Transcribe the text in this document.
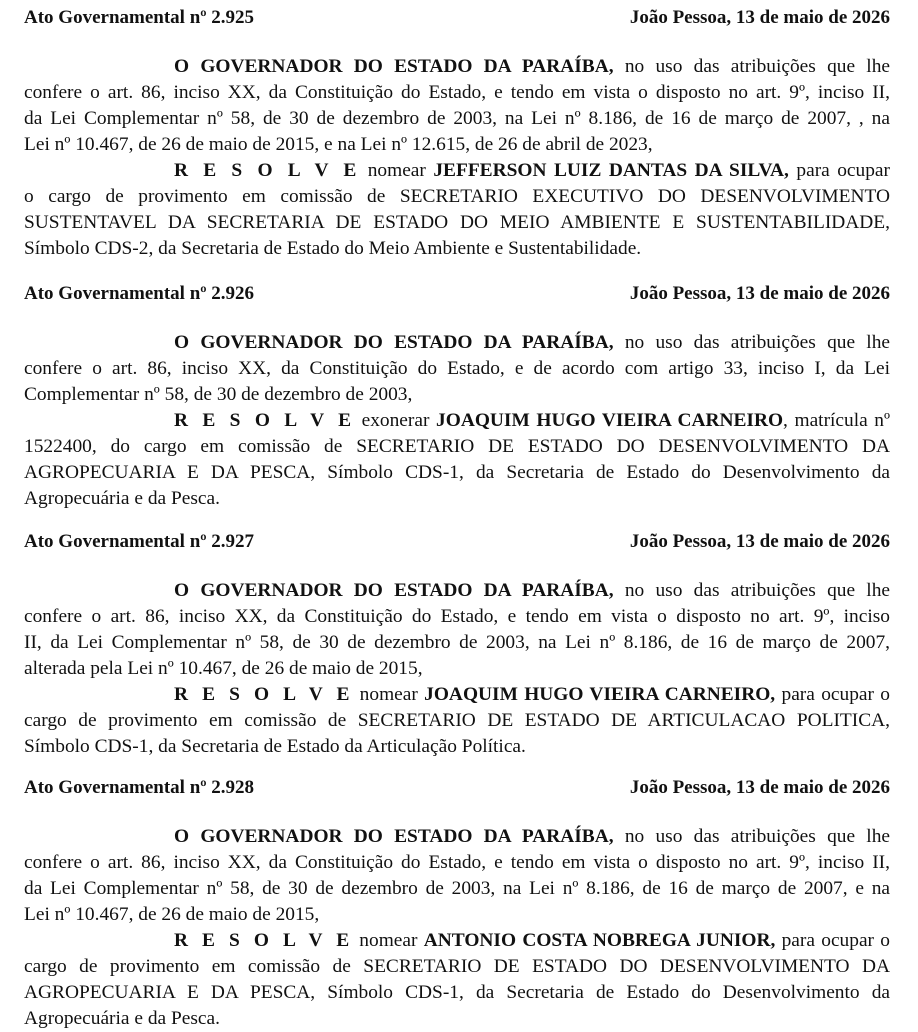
Ato Governamental nº 2.925	João Pessoa, 13 de maio de 2026
O GOVERNADOR DO ESTADO DA PARAÍBA, no uso das atribuições que lhe
confere o art. 86, inciso XX, da Constituição do Estado, e tendo em vista o disposto no art. 9º, inciso II,
da Lei Complementar nº 58, de 30 de dezembro de 2003, na Lei nº 8.186, de 16 de março de 2007, , na
Lei nº 10.467, de 26 de maio de 2015, e na Lei nº 12.615, de 26 de abril de 2023,
R E S O L V E nomear JEFFERSON LUIZ DANTAS DA SILVA, para ocupar
o cargo de provimento em comissão de SECRETARIO EXECUTIVO DO DESENVOLVIMENTO
SUSTENTAVEL DA SECRETARIA DE ESTADO DO MEIO AMBIENTE E SUSTENTABILIDADE,
Símbolo CDS-2, da Secretaria de Estado do Meio Ambiente e Sustentabilidade.
Ato Governamental nº 2.926	João Pessoa, 13 de maio de 2026
O GOVERNADOR DO ESTADO DA PARAÍBA, no uso das atribuições que lhe
confere o art. 86, inciso XX, da Constituição do Estado, e de acordo com artigo 33, inciso I, da Lei
Complementar nº 58, de 30 de dezembro de 2003,
R E S O L V E exonerar JOAQUIM HUGO VIEIRA CARNEIRO, matrícula nº
1522400, do cargo em comissão de SECRETARIO DE ESTADO DO DESENVOLVIMENTO DA
AGROPECUARIA E DA PESCA, Símbolo CDS-1, da Secretaria de Estado do Desenvolvimento da
Agropecuária e da Pesca.
Ato Governamental nº 2.927	João Pessoa, 13 de maio de 2026
O GOVERNADOR DO ESTADO DA PARAÍBA, no uso das atribuições que lhe
confere o art. 86, inciso XX, da Constituição do Estado, e tendo em vista o disposto no art. 9º, inciso
II, da Lei Complementar nº 58, de 30 de dezembro de 2003, na Lei nº 8.186, de 16 de março de 2007,
alterada pela Lei nº 10.467, de 26 de maio de 2015,
R E S O L V E nomear JOAQUIM HUGO VIEIRA CARNEIRO, para ocupar o
cargo de provimento em comissão de SECRETARIO DE ESTADO DE ARTICULACAO POLITICA,
Símbolo CDS-1, da Secretaria de Estado da Articulação Política.
Ato Governamental nº 2.928	João Pessoa, 13 de maio de 2026
O GOVERNADOR DO ESTADO DA PARAÍBA, no uso das atribuições que lhe
confere o art. 86, inciso XX, da Constituição do Estado, e tendo em vista o disposto no art. 9º, inciso II,
da Lei Complementar nº 58, de 30 de dezembro de 2003, na Lei nº 8.186, de 16 de março de 2007, e na
Lei nº 10.467, de 26 de maio de 2015,
R E S O L V E nomear ANTONIO COSTA NOBREGA JUNIOR, para ocupar o
cargo de provimento em comissão de SECRETARIO DE ESTADO DO DESENVOLVIMENTO DA
AGROPECUARIA E DA PESCA, Símbolo CDS-1, da Secretaria de Estado do Desenvolvimento da
Agropecuária e da Pesca.
